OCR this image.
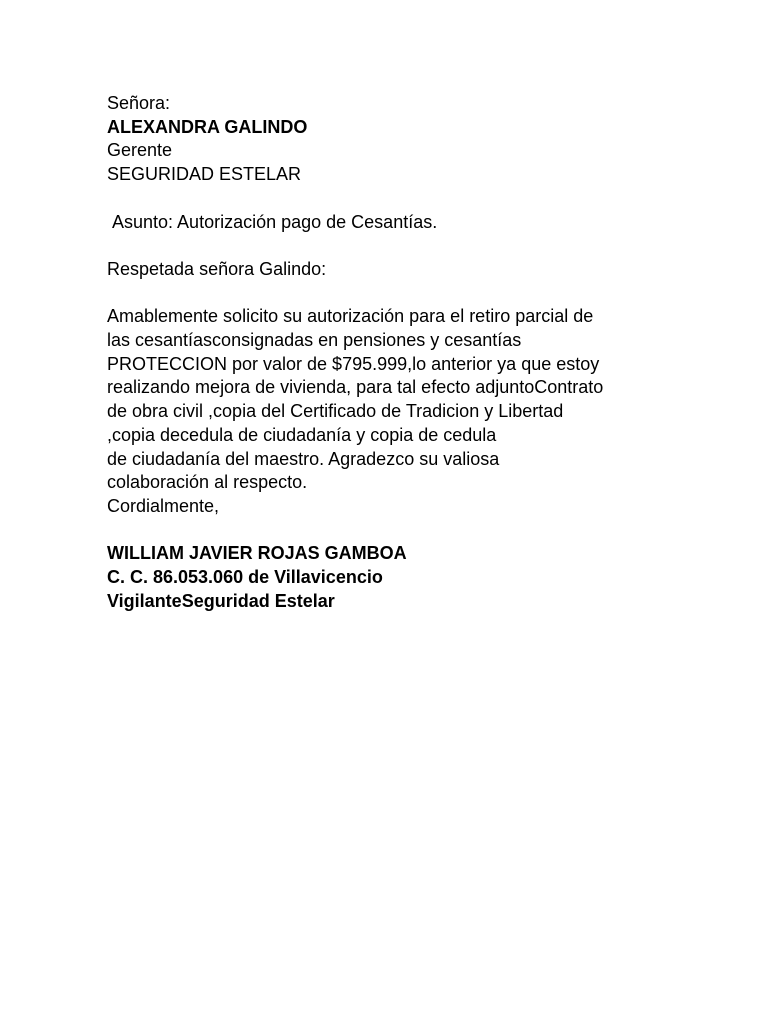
Señora:
ALEXANDRA GALINDO
Gerente
SEGURIDAD ESTELAR
Asunto: Autorización pago de Cesantías.
Respetada señora Galindo:
Amablemente solicito su autorización para el retiro parcial de
las cesantíasconsignadas en pensiones y cesantías
PROTECCION por valor de $795.999,lo anterior ya que estoy
realizando mejora de vivienda, para tal efecto adjuntoContrato
de obra civil ,copia del Certificado de Tradicion y Libertad
,copia decedula de ciudadanía y copia de cedula
de ciudadanía del maestro. Agradezco su valiosa
colaboración al respecto.
Cordialmente,
WILLIAM JAVIER ROJAS GAMBOA
C. C. 86.053.060 de Villavicencio
VigilanteSeguridad Estelar
